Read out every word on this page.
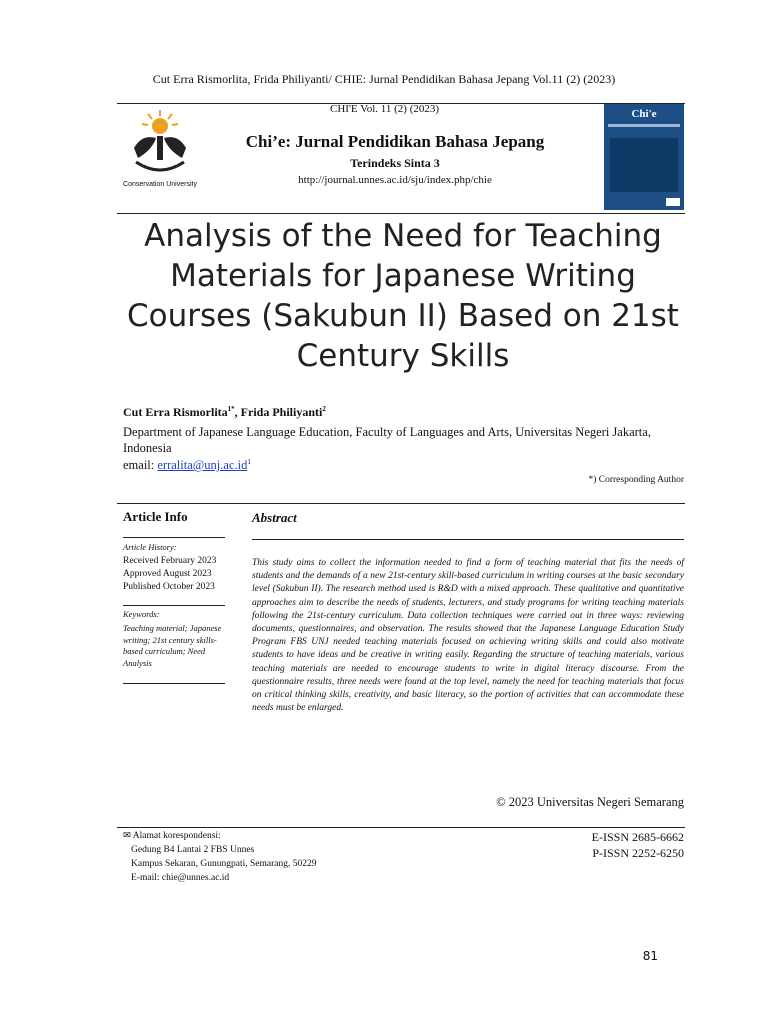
Cut Erra Rismorlita, Frida Philiyanti/ CHIE: Jurnal Pendidikan Bahasa Jepang Vol.11 (2) (2023)
CHI'E Vol. 11 (2) (2023)
Conservation University
Chi’e: Jurnal Pendidikan Bahasa Jepang
Terindeks Sinta 3
http://journal.unnes.ac.id/sju/index.php/chie
Chi'e
Analysis of the Need for Teaching Materials for Japanese Writing Courses (Sakubun II) Based on 21st Century Skills
Cut Erra Rismorlita$^{1*}$, Frida Philiyanti$^2$
Department of Japanese Language Education, Faculty of Languages and Arts, Universitas Negeri Jakarta, Indonesia
email: $erralita@unj.ac.id^1$
*) Corresponding Author
Article Info
Article History:
Received February 2023
Approved August 2023
Published October 2023
Keywords:
Teaching material; Japanese writing; 21st century skills-based curriculum; Need Analysis
Abstract
This study aims to collect the information needed to find a form of teaching material that fits the needs of students and the demands of a new 21st-century skill-based curriculum in writing courses at the basic secondary level (Sakubun II). The research method used is R&D with a mixed approach. These qualitative and quantitative approaches aim to describe the needs of students, lecturers, and study programs for writing teaching materials following the 21st-century curriculum. Data collection techniques were carried out in three ways: reviewing documents, questionnaires, and observation. The results showed that the Japanese Language Education Study Program FBS UNJ needed teaching materials focused on achieving writing skills and could also motivate students to have ideas and be creative in writing easily. Regarding the structure of teaching materials, various teaching materials are needed to encourage students to write in digital literacy discourse. From the questionnaire results, three needs were found at the top level, namely the need for teaching materials that focus on critical thinking skills, creativity, and basic literacy, so the portion of activities that can accommodate these needs must be enlarged.
© 2023 Universitas Negeri Semarang
✉ Alamat korespondensi:
Gedung B4 Lantai 2 FBS Unnes
Kampus Sekaran, Gunungpati, Semarang, 50229
E-mail: chie@unnes.ac.id
E-ISSN 2685-6662
P-ISSN 2252-6250
81
